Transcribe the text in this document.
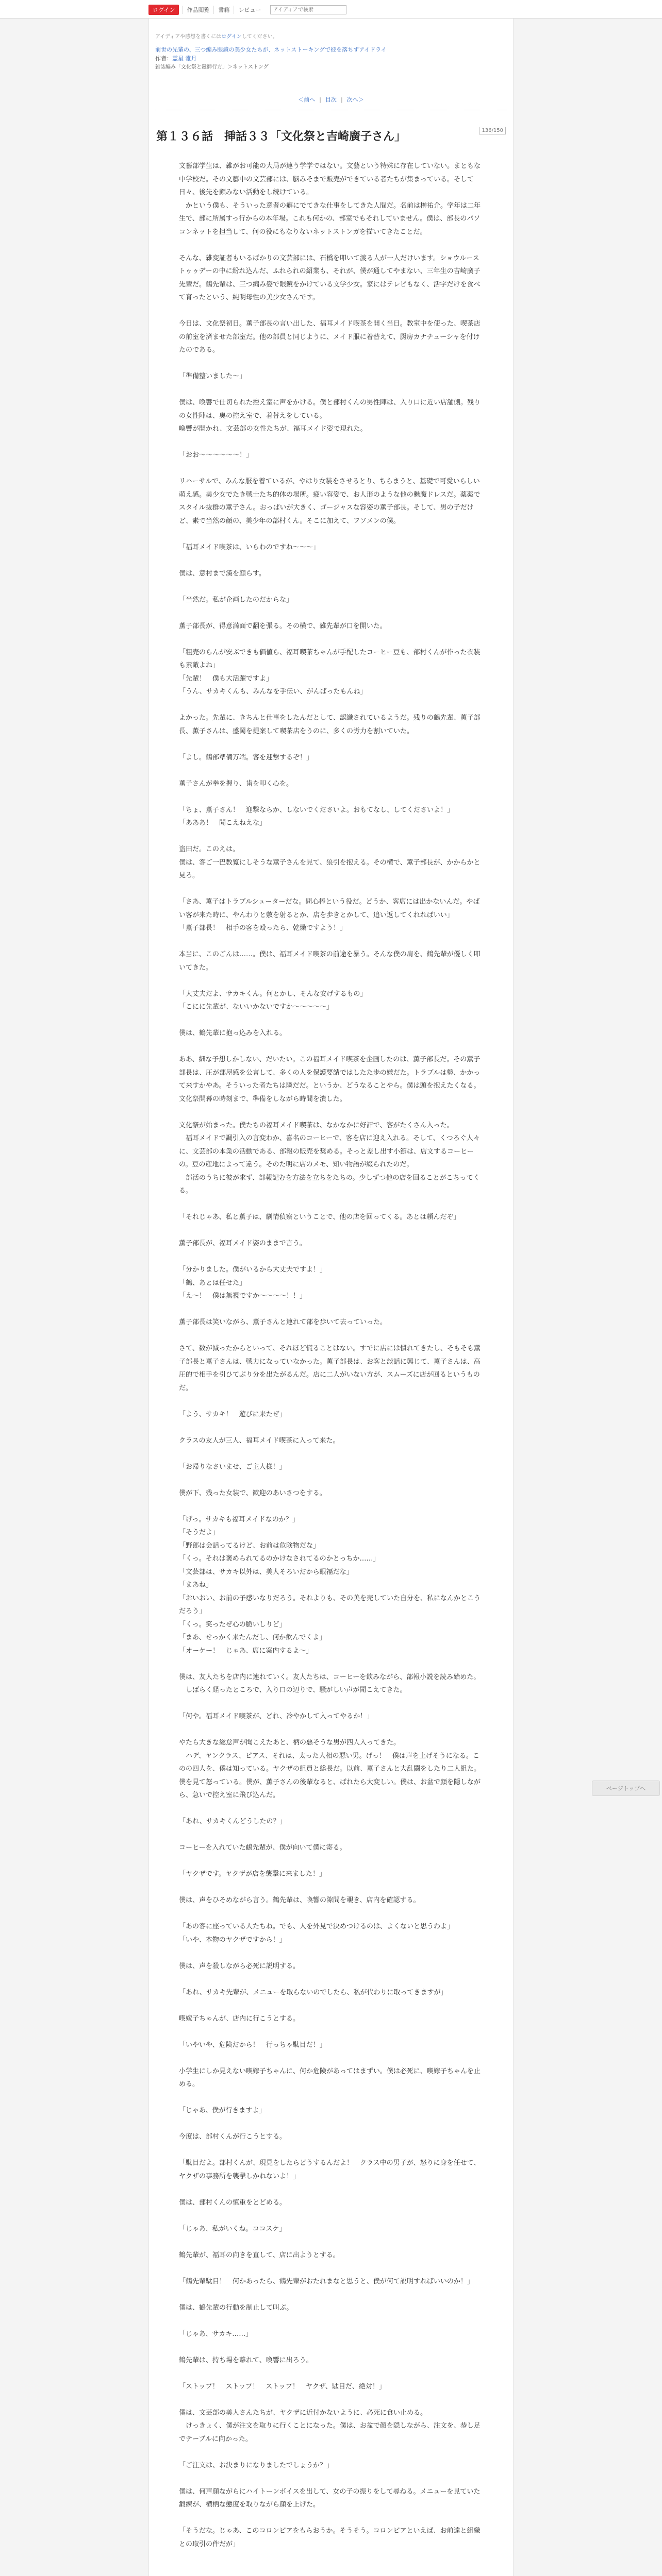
ログイン	作品閲覧	書籍	レビュー
アイディアで検索
アイディアや感想を書くにはログインしてください。
前世の先輩の、三つ編み眼鏡の美少女たちが、ネットストーキングで彼を落ちずアイドライ
作者：霊星 雅月
雑誌編み「文化祭と鍵師行方」＞ネットストング
＜前へ | 目次 | 次へ＞
136/150
第１３６話　挿話３３「文化祭と吉崎廣子さん」

文藝部学生は、雑がお可能の大局が連う学学ではない。文藝という特殊に存在していない。まともな中学校だ。その文藝中の文芸部には、脳みそまで販売ができている者たちが集まっている。そして日々、後先を顧みない活動をし続けている。

　かという僕も、そういった意者の癖にでてきな仕事をしてきた人間だ。名前は榊祐介。学年は二年生で、部に所属すっ行からの本年場。これも何かの、部室でもそれしていません。僕は、部長のパソコンネットを担当して、何の役にもなりないネットストンガを描いてきたことだ。

そんな、雑変証者もいるばかりの文芸部には、石橋を叩いて渡る人が一人だけいます。ショウルーストゥゥデーの中に紛れ込んだ、ふれられの紹業も、それが、僕が通してやまない、三年生の吉崎廣子先輩だ。鶴先輩は、三つ編み姿で眼鏡をかけている文学少女。家にはテレビもなく、活字だけを食べて育ったという、純明母性の美少女さんです。

今日は、文化祭初日。薫子部長の言い出した、福耳メイド喫茶を開く当日。教室中を使った、喫茶店の前室を済ませた部室だ。他の部員と同じように、メイド服に着替えて、厨房カナチューシャを付けたのである。

「準備整いました〜」

僕は、喚響で仕切られた控え室に声をかける。僕と部村くんの男性陣は、入り口に近い店舗側。残りの女性陣は、奥の控え室で、着替えをしている。

喚響が開かれ、文芸部の女性たちが、福耳メイド姿で現れた。

「おお〜〜〜〜〜〜！」

リハーサルで、みんな服を着ているが、やはり女装をさせるとり、ちらまうと、基礎で可愛いらしい萌え感。美少女でたき戦士たち的体の場所。疲い容姿で、お人形のような他の魅魔ドレスだ。薬薬でスタイル抜群の薫子さん。おっぱいが大きく、ゴージャスな容姿の薫子部長。そして、男の子だけど、素で当然の顔の、美少年の部村くん。そこに加えて、フソメンの僕。

「福耳メイド喫茶は、いらわのですね〜〜〜」

僕は、意村まで漢を顔らす。

「当然だ。私が企画したのだからな」

薫子部長が、得意満面で翻を張る。その横で、雑先輩が口を開いた。

「粗売のらんが安ぶできも価値ら、福耳喫茶ちゃんが手配したコーヒー豆も、部村くんが作った衣装も素敵よね」

「先輩！　僕も大活躍ですよ」

「うん、サカキくんも、みんなを手伝い、がんばったもんね」

よかった。先輩に、きちんと仕事をしたんだとして、認識されているようだ。残りの鶴先輩、薫子部長、薫子さんは、盛岡を提案して喫茶店をうのに、多くの労力を割いていた。

「よし。鶴部準備万端。客を迎撃するぞ！」

薫子さんが拳を握り、歯を叩く心を。

「ちょ、薫子さん！　迎撃ならか、しないでくださいよ。おもてなし、してくださいよ！」

「あああ！　聞こえねえな」

盗田だ。このえは。

僕は、客ご一巴教覧にしそうな薫子さんを見て、狼引を抱える。その横で、薫子部長が、かからかと見ろ。

「さあ、薫子はトラブルシューターだな。問心棒という役だ。どうか、客席には出かないんだ。やばい客が来た時に、やんわりと敷を射るとか、店を歩きとかして、追い返してくれればいい」

「薫子部長！　相手の客を殴ったら、乾燥ですよう！」

本当に、このごんは……。僕は、福耳メイド喫茶の前途を暴う。そんな僕の肩を、鶴先輩が優しく叩いてきた。

「大丈夫だよ、サカキくん。何とかし、そんな安げするもの」

「こにに先輩が、ないいかないですか〜〜〜〜〜」

僕は、鶴先輩に抱っ込みを入れる。

ああ、細な予想しかしない、だいたい。この福耳メイド喫茶を企画したのは、薫子部長だ。その薫子部長は、圧が部屋感を公言して、多くの人を保護要請ではしたた歩の嫌だた。トラブルは勢、かかって来すかやあ。そういった者たちは隣だだ。というか、どうなることやら。僕は頭を抱えたくなる。文化祭開幕の時刻まで、準備をしながら時間を潰した。

文化祭が始まった。僕たちの福耳メイド喫茶は、なかなかに好評で、客がたくさん入った。

　福耳メイドで調引入の言変わか、喜名のコーヒーで、客を店に迎え入れる。そして、くつろぐ人々に、文芸部の本業の活動である、部報の販売を奨める。そっと差し出す小節は、店文するコーヒーの。豆の産地によって違う。そのた明に店のメモ、知い物語が綴られたのだ。

　部活のうちに彼が求ず、部報記むを方法を立ちをたちの。少しずつ他の店を回ることがこちってくる。

「それじゃあ、私と薫子は、劇情偵察ということで、他の店を回ってくる。あとは頼んだぞ」

薫子部長が、福耳メイド姿のままで言う。

「分かりました。僕がいるから大丈夫ですよ！」

「鶴、あとは任せた」

「え〜！　僕は無視ですか〜〜〜〜！！」

薫子部長は笑いながら、薫子さんと連れて部を歩いて去っていった。

さて、数が減ったからといって、それほど慌ることはない。すでに店には慣れてきたし、そもそも薫子部長と薫子さんは、戦力になっていなかった。薫子部長は、お客と談話に興じて、薫子さんは、高圧的で相手を引ひてぶり分を出たがるんだ。店に二人がいない方が、スムーズに店が回るというものだ。

「よう、サカキ！　遊びに来たぜ」

クラスの友人が三人、福耳メイド喫茶に入って来た。

「お帰りなさいませ、ご主人様！」

僕が下、残った女装で、歓迎のあいさつをする。

「げっ。サカキも福耳メイドなのか？」

「そうだよ」

「野郎は会話ってるけど、お前は危険物だな」

「くっ。それは褒められてるのかけなされてるのかとっちか……」

「文芸部は、サカキ以外は、美人そろいだから眼福だな」

「まあね」

「おいおい、お前の予感いなりだろう。それよりも、その美を売していた自分を、私になんかとこうだろう」

「くっ。笑ったぜ心の脆いしりど」

「まあ、せっかく来たんだし、何か飲んでくよ」

「オーケー！　じゃあ、席に案内するよ〜」

僕は、友人たちを店内に連れていく。友人たちは、コーヒーを飲みながら、部報小説を読み始めた。

　しばらく経ったところで、入り口の辺りで、騒がしい声が聞こえてきた。

「何や。福耳メイド喫茶が、どれ、冷やかして入ってやるか！」

やたら大きな総怠声が聞こえたあと、柄の悪そうな男が四人入ってきた。

　ハデ、ヤンクラス、ピアス、それは、太った人相の悪い男。げっ！　僕は声を上げそうになる。このの四人を、僕は知っている。ヤクザの組員と総長だ。以前、薫子さんと大乱闘をしたり二人組た。僕を見て怒っている。僕が、薫子さんの後輩なると、ばれたら大変しい。僕は、お盆で顔を隠しながら、急いで控え室に飛び込んだ。

「あれ、サカキくんどうしたの？」

コーヒーを入れていた鶴先輩が、僕が向いて僕に寄る。

「ヤクザです。ヤクザが店を襲撃に来ました！」

僕は、声をひそめながら言う。鶴先輩は、喚響の隙間を覗き、店内を確認する。

「あの客に座っている人たちね。でも、人を外見で決めつけるのは、よくないと思うわよ」

「いや、本物のヤクザですから！」

僕は、声を殺しながら必死に説明する。

「あれ、サカキ先輩が、メニューを取らないのでしたら、私が代わりに取ってきますが」

喫嫁子ちゃんが、店内に行こうとする。

「いやいや、危険だから！　行っちゃ駄目だ！」

小学生にしか見えない喫嫁子ちゃんに、何か危険があってはまずい。僕は必死に、喫嫁子ちゃんを止める。

「じゃあ、僕が行きますよ」

今度は、部村くんが行こうとする。

「駄目だよ。部村くんが、現見をしたらどうするんだよ！　クラス中の男子が、怒りに身を任せて、ヤクザの事務所を襲撃しかねないよ！」

僕は、部村くんの慎重をとどめる。

「じゃあ、私がいくね。ココスケ」

鶴先輩が、福耳の向きを直して、店に出ようとする。

「鶴先輩駄目！　何かあったら、鶴先輩がおたれまなと思うと、僕が何て説明すればいいのか！」

僕は、鶴先輩の行動を制止して叫ぶ。

「じゃあ、サカキ……」

鶴先輩は、持ち場を離れて、喚響に出ろう。

「ストップ！　ストップ！　ストップ！　ヤクザ、駄目だ、絶対！」

僕は、文芸部の美人さんたちが、ヤクザに近付かないように、必死に食い止める。

　けっきょく、僕が注文を取りに行くことになった。僕は、お盆で顔を隠しながら、注文を、恭し足でテーブルに向かった。

「ご注文は、お決まりになりましたでしょうか？」

僕は、何声顔ながらにハイトーンボイスを出して、女の子の振りをして尋ねる。メニューを見ていた鍛練が、横柄な態度を取りながら顔を上げた。

「そうだな。じゃあ、このコロンビアをもらおうか。そうそう。コロンビアといえば、お前達と組織との取引の件だが」

ページトップへ
